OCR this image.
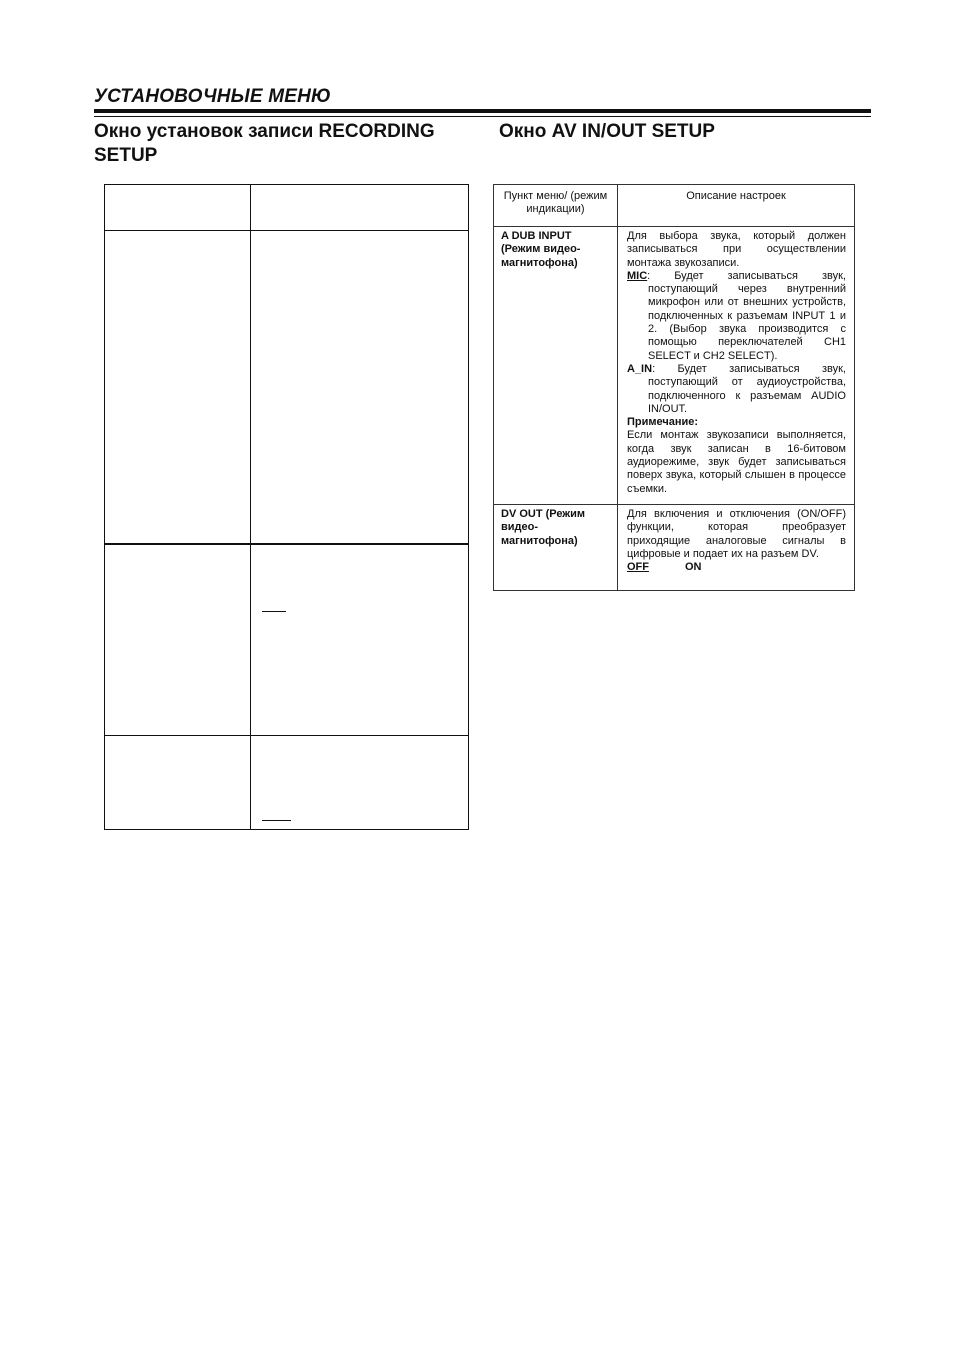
УСТАНОВОЧНЫЕ МЕНЮ
Окно установок записи RECORDING SETUP
Окно AV IN/OUT SETUP
Пункт меню/ (режим индикации)	Описание настроек
A DUB INPUT (Режим видео-магнитофона)	Для выбора звука, который должен записываться при осуществлении монтажа звукозаписи.

MIC: Будет записываться звук, поступающий через внутренний микрофон или от внешних устройств, подключенных к разъемам INPUT 1 и 2. (Выбор звука производится с помощью переключателей CH1 SELECT и CH2 SELECT).

A_IN: Будет записываться звук, поступающий от аудиоустройства, подключенного к разъемам AUDIO IN/OUT.

Примечание:

Если монтаж звукозаписи выполняется, когда звук записан в 16-битовом аудиорежиме, звук будет записываться поверх звука, который слышен в процессе съемки.

DV OUT (Режим видео-магнитофона)	Для включения и отключения (ON/OFF) функции, которая преобразует приходящие аналоговые сигналы в цифровые и подает их на разъем DV.

OFF ON
